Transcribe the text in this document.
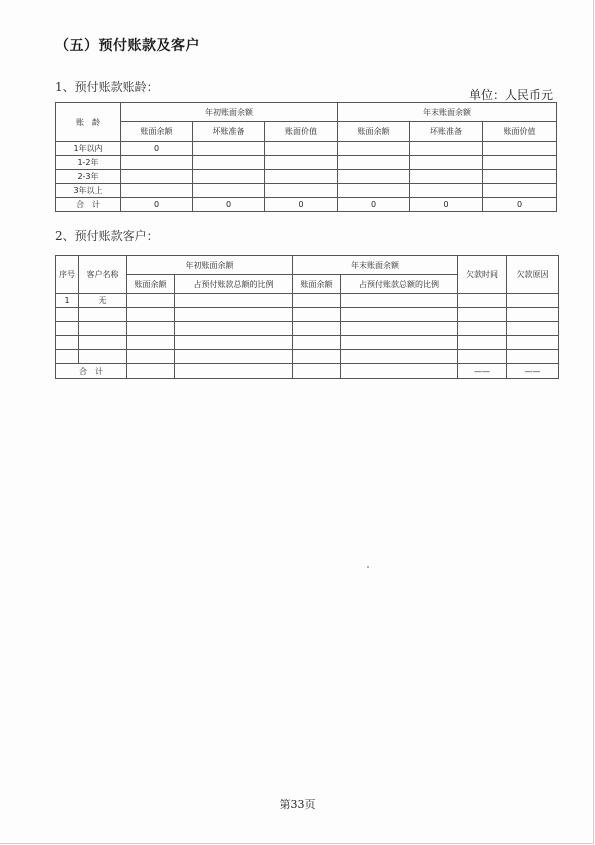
（五）预付账款及客户
1、预付账款账龄：
单位：人民币元
账　龄	年初账面余额			年末账面余额		
	账面余额	坏账准备	账面价值	账面余额	坏账准备	账面价值
1年以内	0					
1-2年						
2-3年						
3年以上						
合　计	0	0	0	0	0	0
2、预付账款客户：
序号	客户名称	年初账面余额		年末账面余额		欠款时间	欠款原因
		账面余额	占预付账款总额的比例	账面余额	占预付账款总额的比例		
1	无						

合　计						——	——
第33页
